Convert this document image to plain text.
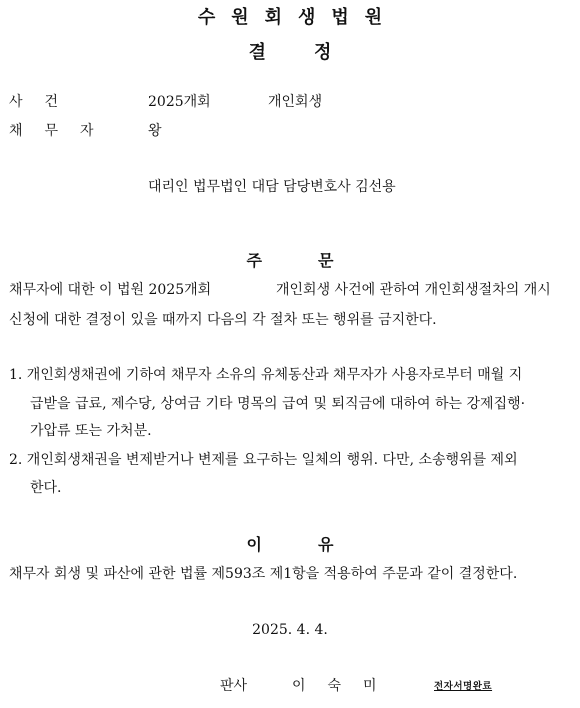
수원회생법원
결정
사건	2025개회	개인회생
채무자 왕
대리인 법무법인 대담 담당변호사 김선용
주문
채무자에 대한 이 법원 2025개회	개인회생 사건에 관하여 개인회생절차의 개시
신청에 대한 결정이 있을 때까지 다음의 각 절차 또는 행위를 금지한다.
1. 개인회생채권에 기하여 채무자 소유의 유체동산과 채무자가 사용자로부터 매월 지
급받을 급료, 제수당, 상여금 기타 명목의 급여 및 퇴직금에 대하여 하는 강제집행·
가압류 또는 가처분.
2. 개인회생채권을 변제받거나 변제를 요구하는 일체의 행위. 다만, 소송행위를 제외
한다.
이유
채무자 회생 및 파산에 관한 법률 제593조 제1항을 적용하여 주문과 같이 결정한다.
2025. 4. 4.
판사	이숙미	전자서명완료
